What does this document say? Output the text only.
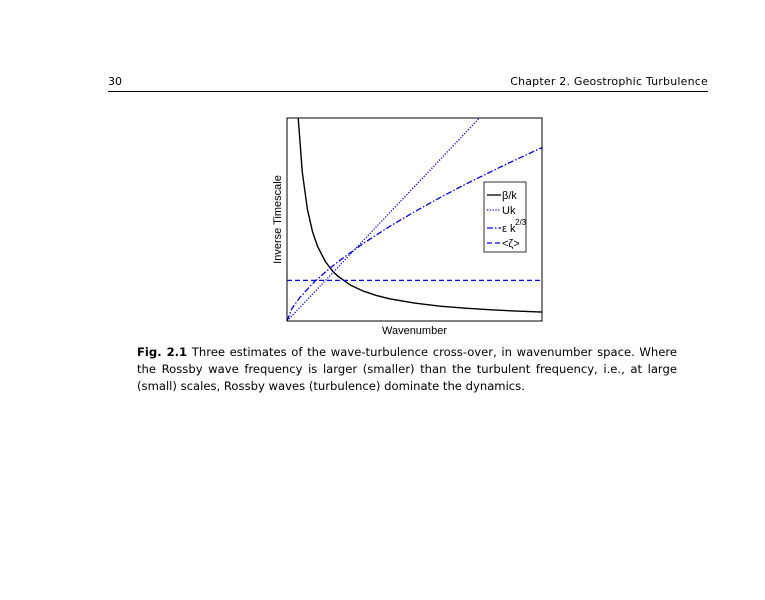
30	Chapter 2. Geostrophic Turbulence
Inverse Timescale
Wavenumber
β/k
Uk
ε k
2/3
<ζ>
Fig. 2.1 Three estimates of the wave-turbulence cross-over, in wavenumber space. Where the Rossby wave frequency is larger (smaller) than the turbulent frequency, i.e., at large (small) scales, Rossby waves (turbulence) dominate the dynamics.
